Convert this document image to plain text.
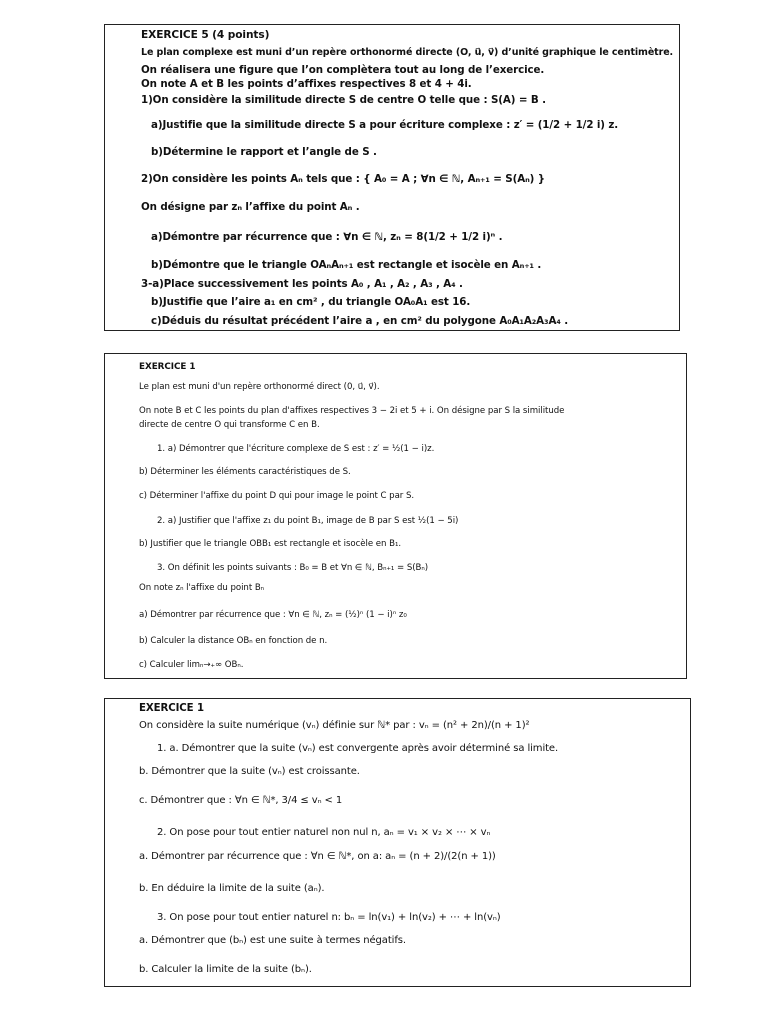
EXERCICE 5 (4 points)
Le plan complexe est muni d’un repère orthonormé directe (O, u⃗, v⃗) d’unité graphique le centimètre.
On réalisera une figure que l’on complètera tout au long de l’exercice.
On note A et B les points d’affixes respectives 8 et 4 + 4i.
1)On considère la similitude directe S de centre O telle que : S(A) = B .
a)Justifie que la similitude directe S a pour écriture complexe : z′ = (1/2 + 1/2 i) z.
b)Détermine le rapport et l’angle de S .
2)On considère les points Aₙ tels que : { A₀ = A ; ∀n ∈ ℕ, Aₙ₊₁ = S(Aₙ) }
On désigne par zₙ l’affixe du point Aₙ .
a)Démontre par récurrence que : ∀n ∈ ℕ, zₙ = 8(1/2 + 1/2 i)ⁿ .
b)Démontre que le triangle OAₙAₙ₊₁ est rectangle et isocèle en Aₙ₊₁ .
3-a)Place successivement les points A₀ , A₁ , A₂ , A₃ , A₄ .
b)Justifie que l’aire a₁ en cm² , du triangle OA₀A₁ est 16.
c)Déduis du résultat précédent l’aire a , en cm² du polygone A₀A₁A₂A₃A₄ .
EXERCICE 1
Le plan est muni d'un repère orthonormé direct (0, u⃗, v⃗).
On note B et C les points du plan d'affixes respectives 3 − 2i et 5 + i. On désigne par S la similitude
directe de centre O qui transforme C en B.
1. a) Démontrer que l'écriture complexe de S est : z′ = ½(1 − i)z.
b) Déterminer les éléments caractéristiques de S.
c) Déterminer l'affixe du point D qui pour image le point C par S.
2. a) Justifier que l'affixe z₁ du point B₁, image de B par S est ½(1 − 5i)
b) Justifier que le triangle OBB₁ est rectangle et isocèle en B₁.
3. On définit les points suivants : B₀ = B et ∀n ∈ ℕ, Bₙ₊₁ = S(Bₙ)
On note zₙ l'affixe du point Bₙ
a) Démontrer par récurrence que : ∀n ∈ ℕ, zₙ = (½)ⁿ (1 − i)ⁿ z₀
b) Calculer la distance OBₙ en fonction de n.
c) Calculer limₙ→₊∞ OBₙ.
EXERCICE 1
On considère la suite numérique (vₙ) définie sur ℕ* par : vₙ = (n² + 2n)/(n + 1)²
1. a. Démontrer que la suite (vₙ) est convergente après avoir déterminé sa limite.
b. Démontrer que la suite (vₙ) est croissante.
c. Démontrer que : ∀n ∈ ℕ*, 3/4 ≤ vₙ < 1
2. On pose pour tout entier naturel non nul n, aₙ = v₁ × v₂ × ⋯ × vₙ
a. Démontrer par récurrence que : ∀n ∈ ℕ*, on a: aₙ = (n + 2)/(2(n + 1))
b. En déduire la limite de la suite (aₙ).
3. On pose pour tout entier naturel n: bₙ = ln(v₁) + ln(v₂) + ⋯ + ln(vₙ)
a. Démontrer que (bₙ) est une suite à termes négatifs.
b. Calculer la limite de la suite (bₙ).
